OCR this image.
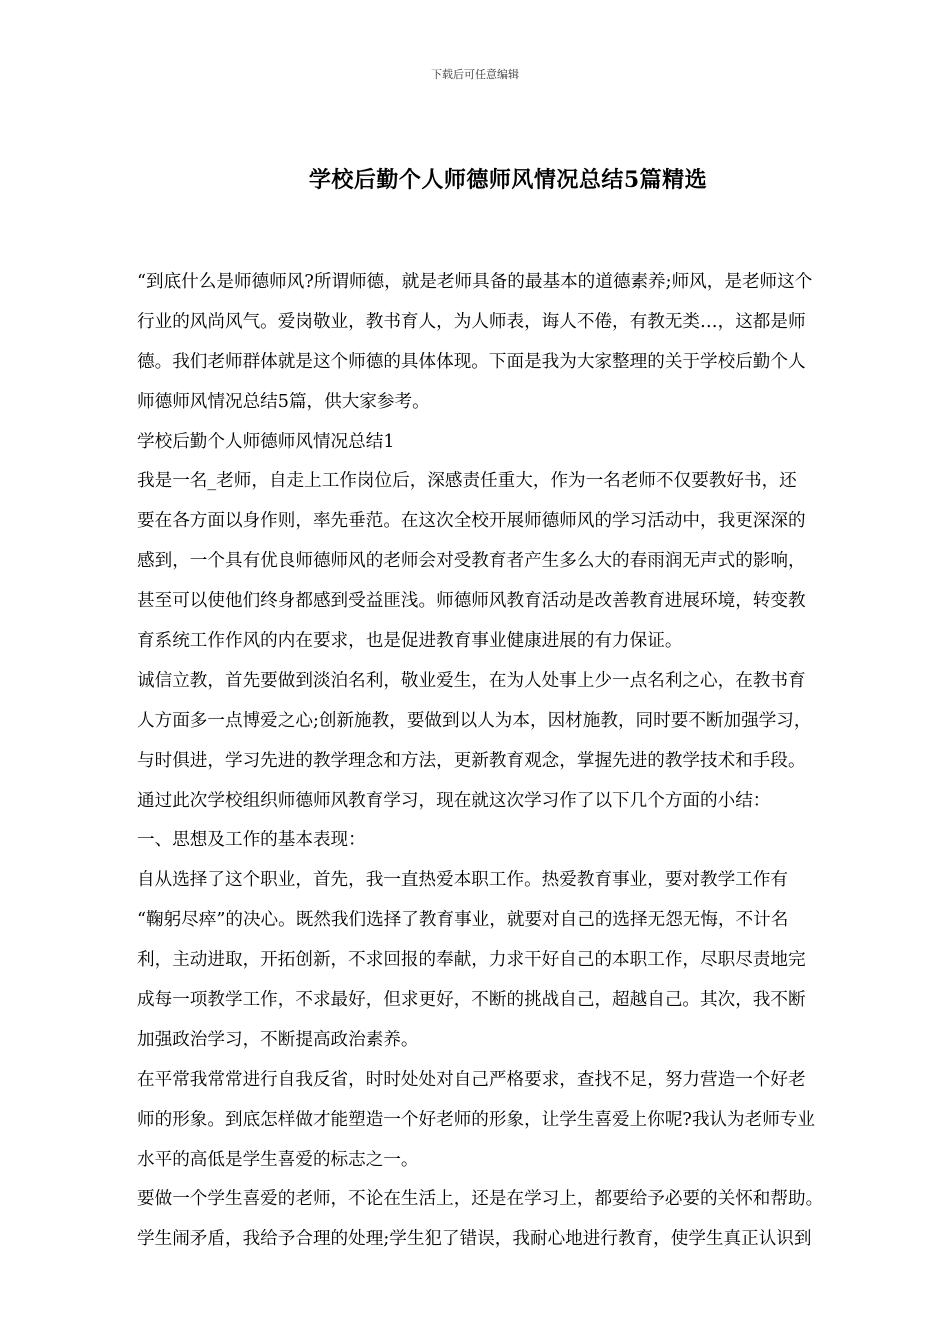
下载后可任意编辑
学校后勤个人师德师风情况总结5篇精选
“到底什么是师德师风?所谓师德，就是老师具备的最基本的道德素养;师风，是老师这个
行业的风尚风气。爱岗敬业，教书育人，为人师表，诲人不倦，有教无类…，这都是师
德。我们老师群体就是这个师德的具体体现。下面是我为大家整理的关于学校后勤个人
师德师风情况总结5篇，供大家参考。
学校后勤个人师德师风情况总结1
我是一名_老师，自走上工作岗位后，深感责任重大，作为一名老师不仅要教好书，还
要在各方面以身作则，率先垂范。在这次全校开展师德师风的学习活动中，我更深深的
感到，一个具有优良师德师风的老师会对受教育者产生多么大的春雨润无声式的影响，
甚至可以使他们终身都感到受益匪浅。师德师风教育活动是改善教育进展环境，转变教
育系统工作作风的内在要求，也是促进教育事业健康进展的有力保证。
诚信立教，首先要做到淡泊名利，敬业爱生，在为人处事上少一点名利之心，在教书育
人方面多一点博爱之心;创新施教，要做到以人为本，因材施教，同时要不断加强学习，
与时俱进，学习先进的教学理念和方法，更新教育观念，掌握先进的教学技术和手段。
通过此次学校组织师德师风教育学习，现在就这次学习作了以下几个方面的小结：
一、思想及工作的基本表现：
自从选择了这个职业，首先，我一直热爱本职工作。热爱教育事业，要对教学工作有
“鞠躬尽瘁”的决心。既然我们选择了教育事业，就要对自己的选择无怨无悔，不计名
利，主动进取，开拓创新，不求回报的奉献，力求干好自己的本职工作，尽职尽责地完
成每一项教学工作，不求最好，但求更好，不断的挑战自己，超越自己。其次，我不断
加强政治学习，不断提高政治素养。
在平常我常常进行自我反省，时时处处对自己严格要求，查找不足，努力营造一个好老
师的形象。到底怎样做才能塑造一个好老师的形象，让学生喜爱上你呢?我认为老师专业
水平的高低是学生喜爱的标志之一。
要做一个学生喜爱的老师，不论在生活上，还是在学习上，都要给予必要的关怀和帮助。
学生闹矛盾，我给予合理的处理;学生犯了错误，我耐心地进行教育，使学生真正认识到
